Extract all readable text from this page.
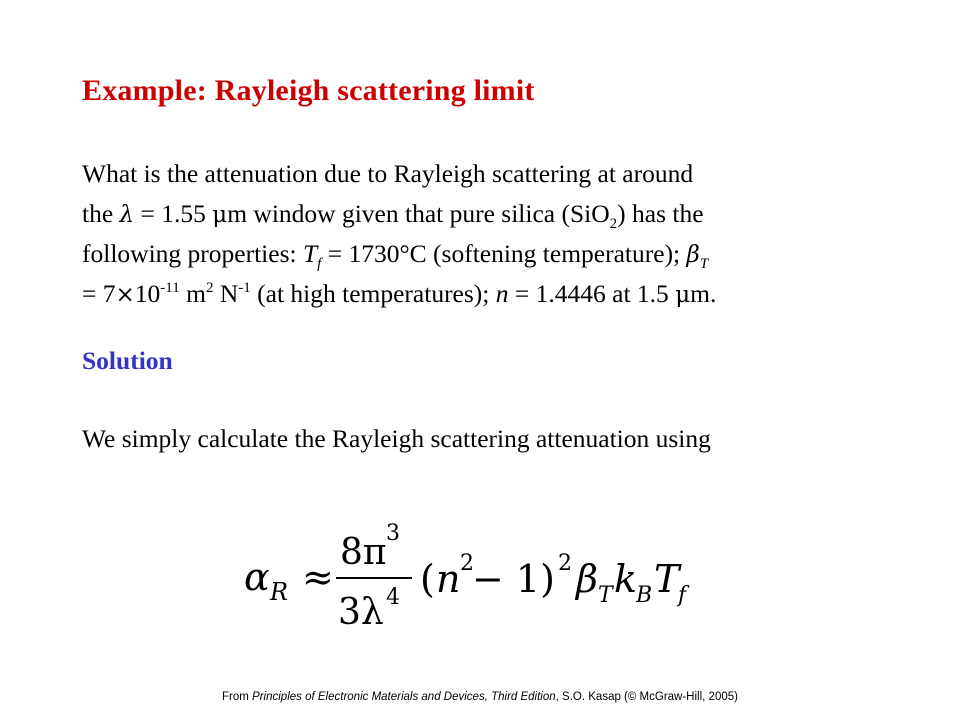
Example: Rayleigh scattering limit
What is the attenuation due to Rayleigh scattering at around
the λ = 1.55 μm window given that pure silica (SiO$_2$) has the
following properties: $T_f = 1730^\circ C$ (softening temperature); $\beta_T$
= $7\times 10^{-11}$ $m^2$ $N^{-1}$ (at high temperatures); n = 1.4446 at 1.5 μm.
Solution
We simply calculate the Rayleigh scattering attenuation using
α R ≈
8π 3
3λ 4 ( n 2
− 1) 2 β T k
B T
f
From Principles of Electronic Materials and Devices, Third Edition, S.O. Kasap (© McGraw-Hill, 2005)
